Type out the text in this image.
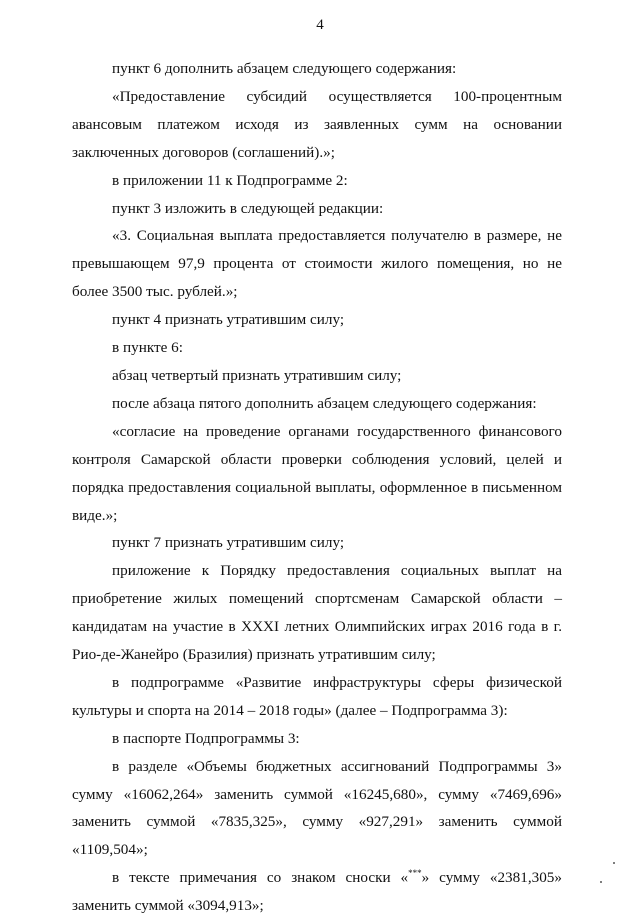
4

пункт 6 дополнить абзацем следующего содержания:

«Предоставление субсидий осуществляется 100-процентным авансовым платежом исходя из заявленных сумм на основании заключенных договоров (соглашений).»;

в приложении 11 к Подпрограмме 2:

пункт 3 изложить в следующей редакции:

«3. Социальная выплата предоставляется получателю в размере, не превышающем 97,9 процента от стоимости жилого помещения, но не более 3500 тыс. рублей.»;

пункт 4 признать утратившим силу;

в пункте 6:

абзац четвертый признать утратившим силу;

после абзаца пятого дополнить абзацем следующего содержания:

«согласие на проведение органами государственного финансового контроля Самарской области проверки соблюдения условий, целей и порядка предоставления социальной выплаты, оформленное в письменном виде.»;

пункт 7 признать утратившим силу;

приложение к Порядку предоставления социальных выплат на приобретение жилых помещений спортсменам Самарской области – кандидатам на участие в XXXI летних Олимпийских играх 2016 года в г. Рио-де-Жанейро (Бразилия) признать утратившим силу;

в подпрограмме «Развитие инфраструктуры сферы физической культуры и спорта на 2014 – 2018 годы» (далее – Подпрограмма 3):

в паспорте Подпрограммы 3:

в разделе «Объемы бюджетных ассигнований Подпрограммы 3» сумму «16062,264» заменить суммой «16245,680», сумму «7469,696» заменить суммой «7835,325», сумму «927,291» заменить суммой «1109,504»;

в тексте примечания со знаком сноски «***» сумму «2381,305» заменить суммой «3094,913»;
